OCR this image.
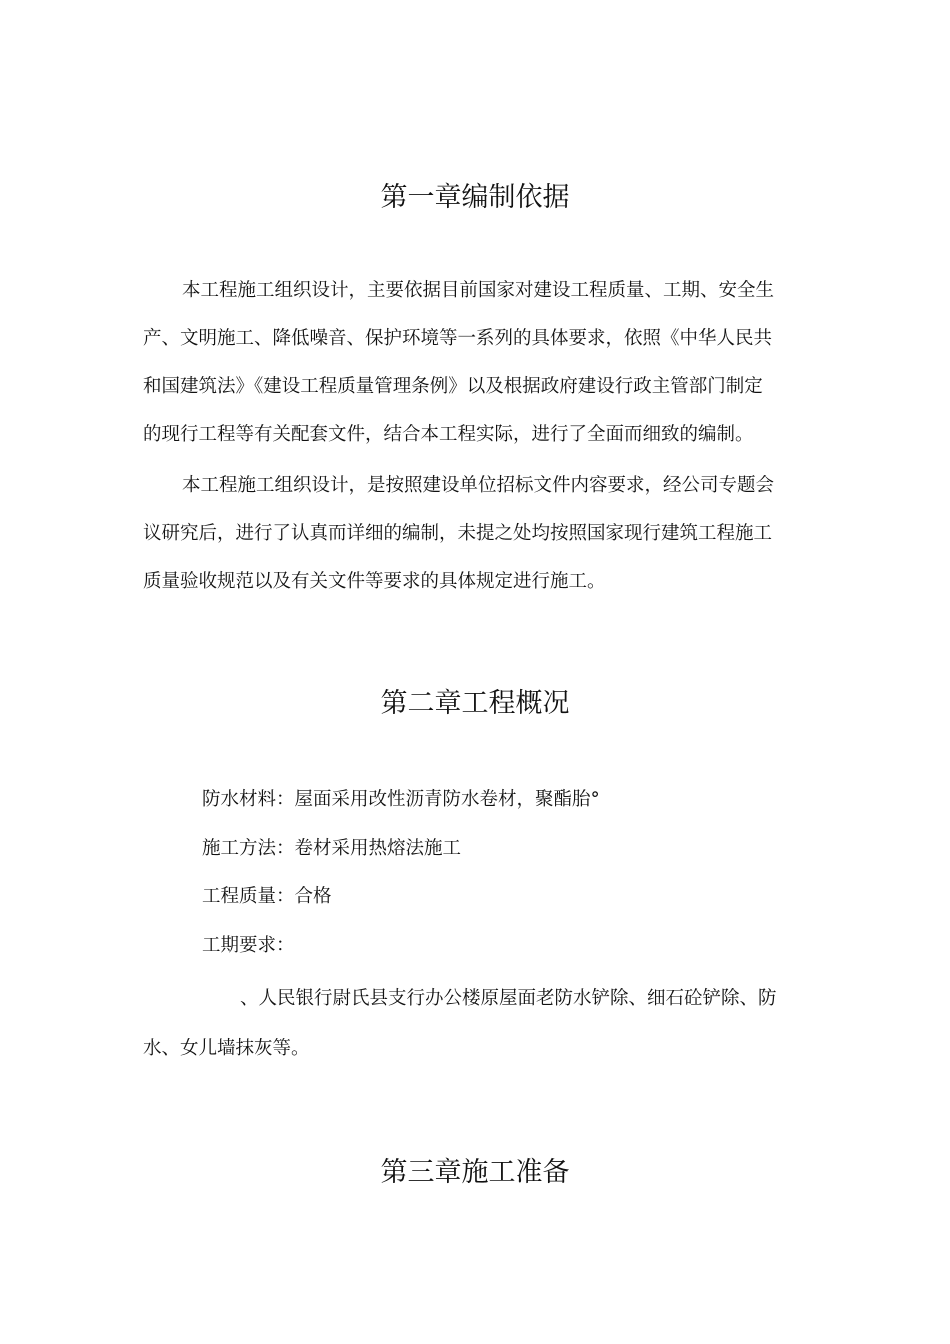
第一章编制依据

本工程施工组织设计，主要依据目前国家对建设工程质量、工期、安全生

产、文明施工、降低噪音、保护环境等一系列的具体要求，依照《中华人民共

和国建筑法》《建设工程质量管理条例》以及根据政府建设行政主管部门制定

的现行工程等有关配套文件，结合本工程实际，进行了全面而细致的编制。

本工程施工组织设计，是按照建设单位招标文件内容要求，经公司专题会

议研究后，进行了认真而详细的编制，未提之处均按照国家现行建筑工程施工

质量验收规范以及有关文件等要求的具体规定进行施工。

第二章工程概况

防水材料：屋面采用改性沥青防水卷材，聚酯胎°

施工方法：卷材采用热熔法施工

工程质量：合格

工期要求：

、人民银行尉氏县支行办公楼原屋面老防水铲除、细石砼铲除、防

水、女儿墙抹灰等。

第三章施工准备
